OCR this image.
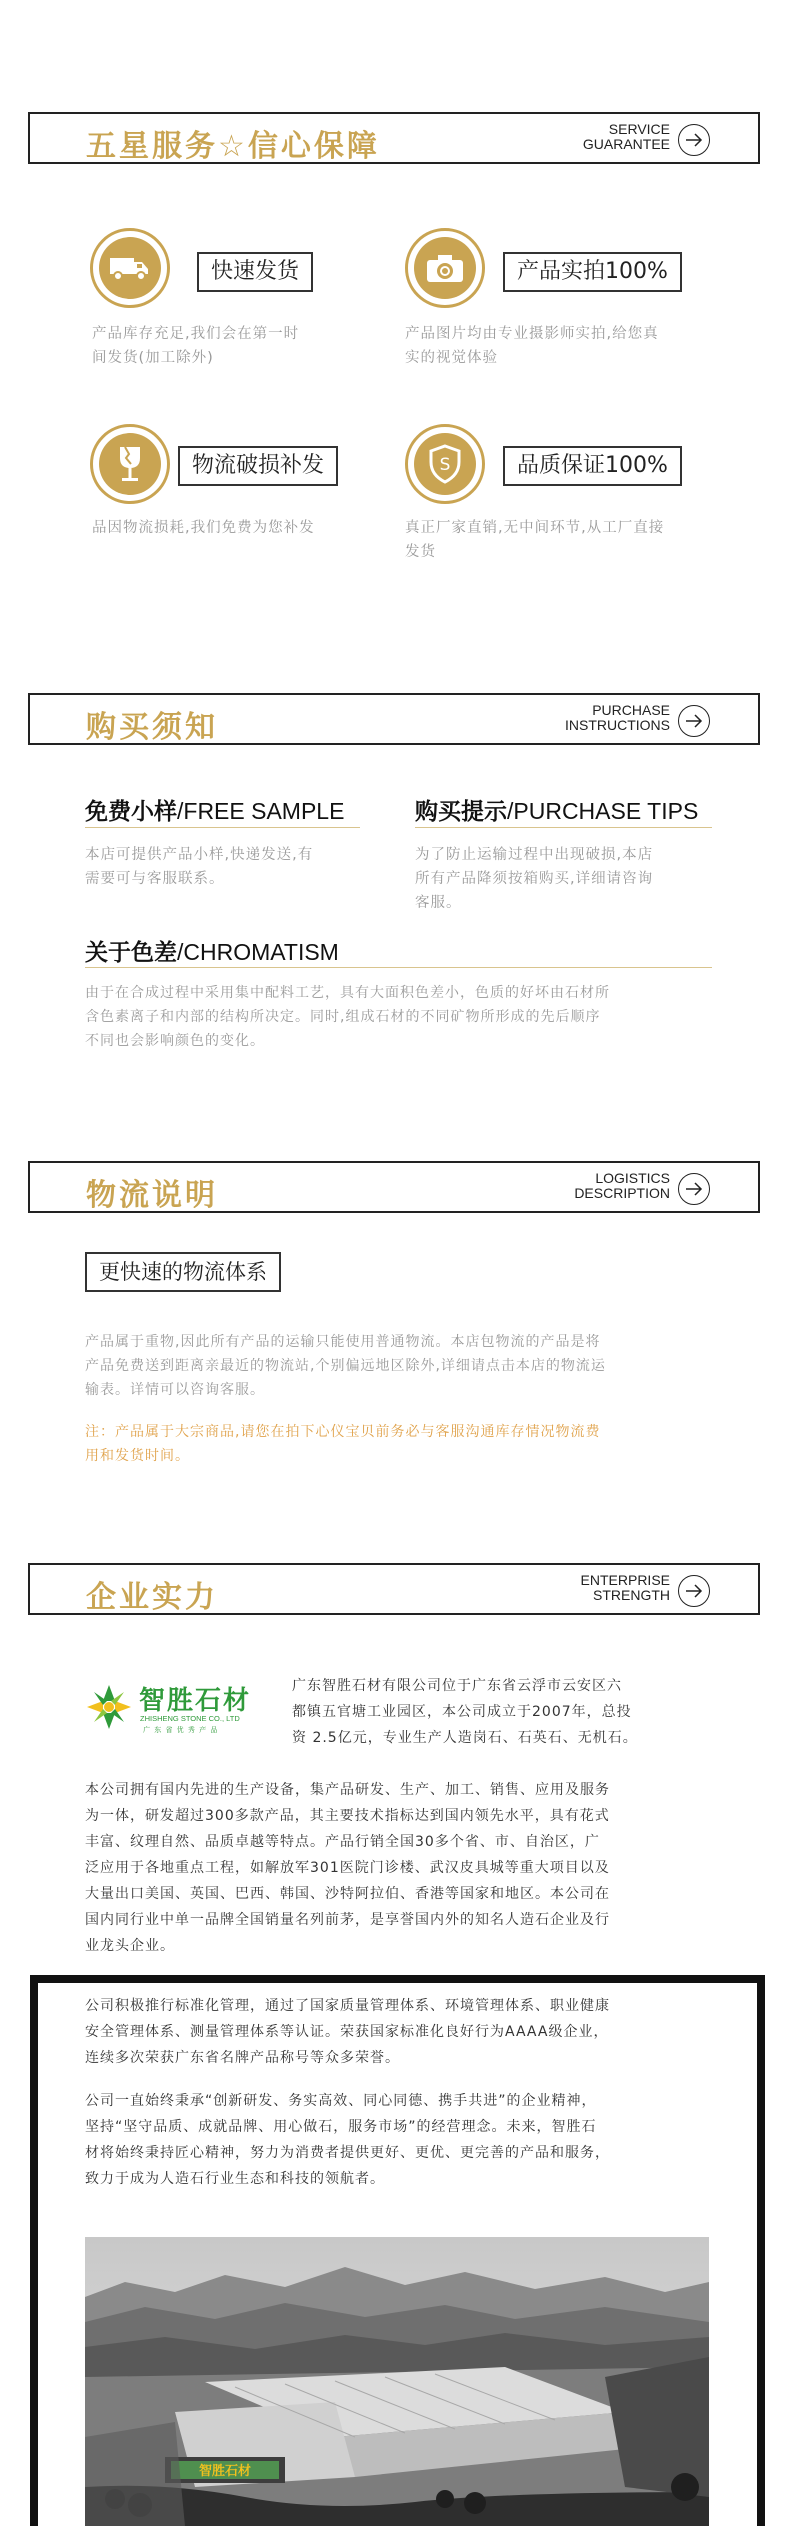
五星服务☆信心保障	SERVICE
GUARANTEE
快速发货
产品库存充足,我们会在第一时
间发货(加工除外)
产品实拍100%
产品图片均由专业摄影师实拍,给您真
实的视觉体验
物流破损补发
品因物流损耗,我们免费为您补发
S	品质保证100%
真正厂家直销,无中间环节,从工厂直接
发货
购买须知	PURCHASE
INSTRUCTIONS
免费小样/FREE SAMPLE
本店可提供产品小样,快递发送,有
需要可与客服联系。
购买提示/PURCHASE TIPS
为了防止运输过程中出现破损,本店
所有产品降须按箱购买,详细请咨询
客服。
关于色差/CHROMATISM
由于在合成过程中采用集中配料工艺，具有大面积色差小，色质的好坏由石材所
含色素离子和内部的结构所决定。同时,组成石材的不同矿物所形成的先后顺序
不同也会影响颜色的变化。
物流说明	LOGISTICS
DESCRIPTION
更快速的物流体系
产品属于重物,因此所有产品的运输只能使用普通物流。本店包物流的产品是将
产品免费送到距离亲最近的物流站,个别偏远地区除外,详细请点击本店的物流运
输表。详情可以咨询客服。
注：产品属于大宗商品,请您在拍下心仪宝贝前务必与客服沟通库存情况物流费
用和发货时间。
企业实力	ENTERPRISE
STRENGTH
智胜石材
ZHISHENG STONE CO., LTD
广 东 省 优 秀 产 品
广东智胜石材有限公司位于广东省云浮市云安区六
都镇五官塘工业园区，本公司成立于2007年，总投
资 2.5亿元，专业生产人造岗石、石英石、无机石。
本公司拥有国内先进的生产设备，集产品研发、生产、加工、销售、应用及服务
为一体，研发超过300多款产品，其主要技术指标达到国内领先水平，具有花式
丰富、纹理自然、品质卓越等特点。产品行销全国30多个省、市、自治区，广
泛应用于各地重点工程，如解放军301医院门诊楼、武汉皮具城等重大项目以及
大量出口美国、英国、巴西、韩国、沙特阿拉伯、香港等国家和地区。本公司在
国内同行业中单一品牌全国销量名列前茅，是享誉国内外的知名人造石企业及行
业龙头企业。
公司积极推行标准化管理，通过了国家质量管理体系、环境管理体系、职业健康
安全管理体系、测量管理体系等认证。荣获国家标准化良好行为AAAA级企业，
连续多次荣获广东省名牌产品称号等众多荣誉。
公司一直始终秉承“创新研发、务实高效、同心同德、携手共进”的企业精神，
坚持“坚守品质、成就品牌、用心做石，服务市场”的经营理念。未来，智胜石
材将始终秉持匠心精神，努力为消费者提供更好、更优、更完善的产品和服务，
致力于成为人造石行业生态和科技的领航者。
智胜石材
